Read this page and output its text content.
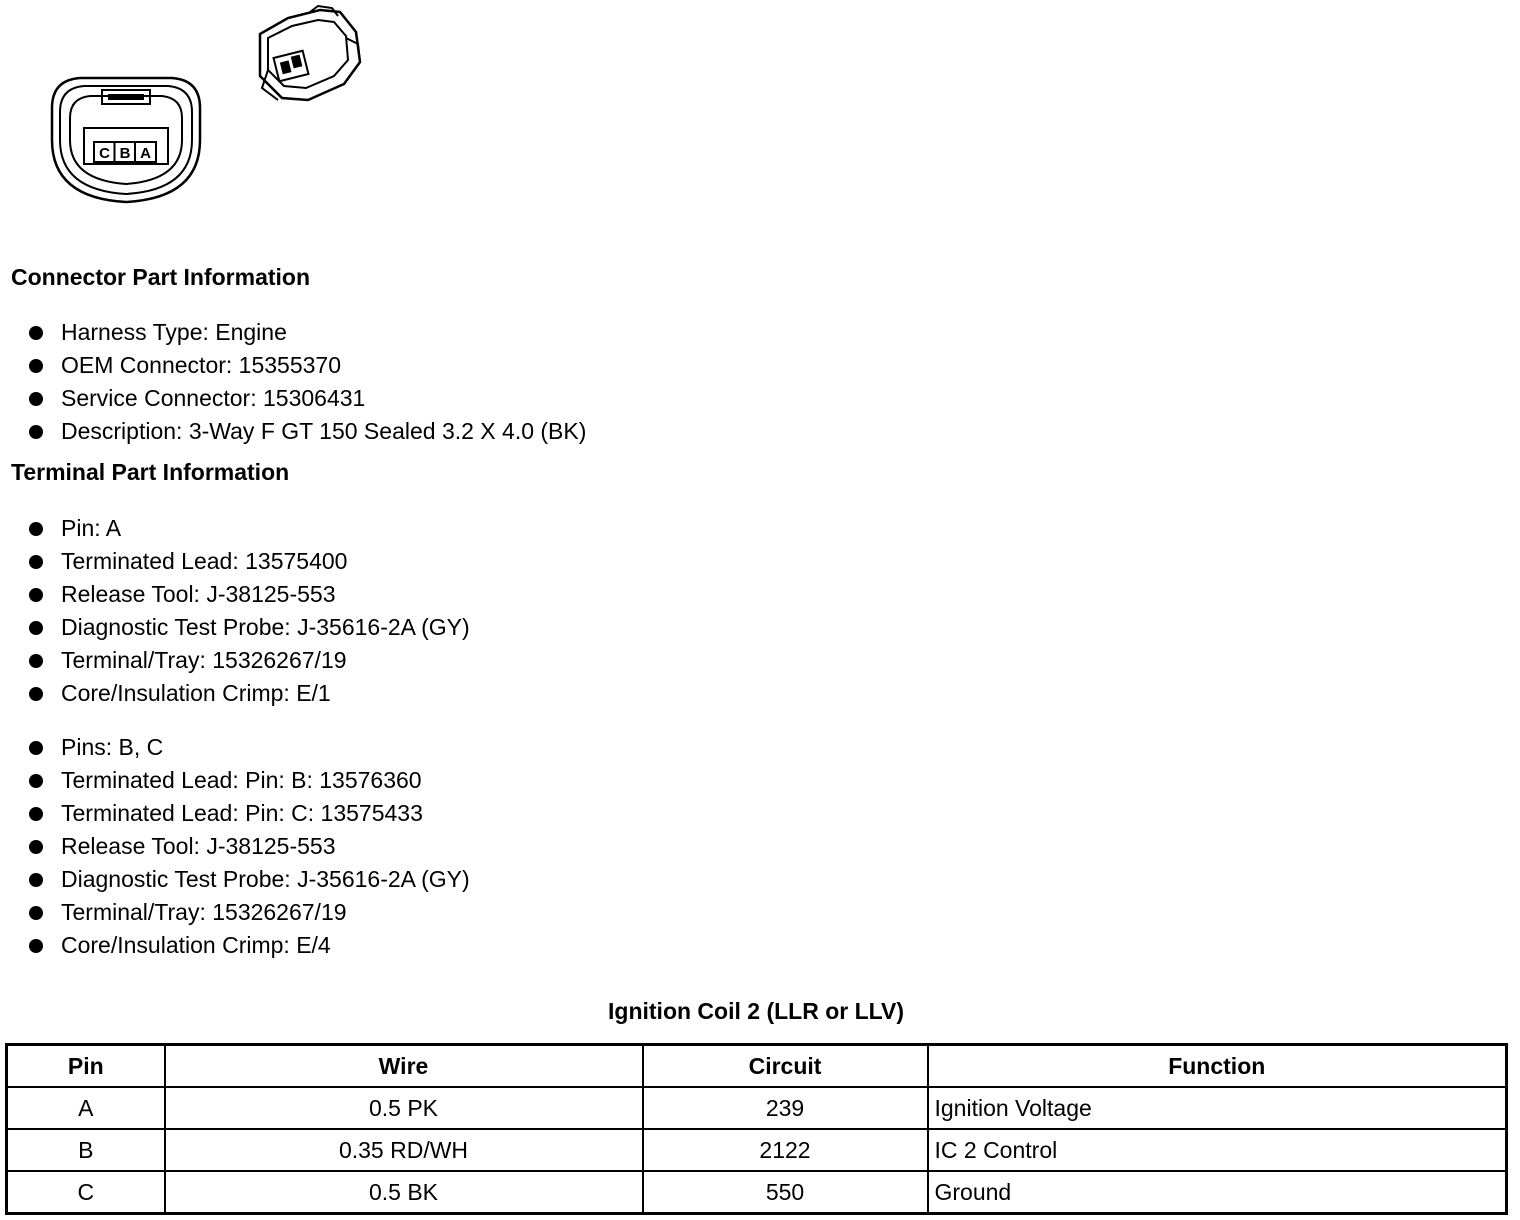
C B A
Connector Part Information
Harness Type: Engine
OEM Connector: 15355370
Service Connector: 15306431
Description: 3-Way F GT 150 Sealed 3.2 X 4.0 (BK)
Terminal Part Information
Pin: A
Terminated Lead: 13575400
Release Tool: J-38125-553
Diagnostic Test Probe: J-35616-2A (GY)
Terminal/Tray: 15326267/19
Core/Insulation Crimp: E/1
Pins: B, C
Terminated Lead: Pin: B: 13576360
Terminated Lead: Pin: C: 13575433
Release Tool: J-38125-553
Diagnostic Test Probe: J-35616-2A (GY)
Terminal/Tray: 15326267/19
Core/Insulation Crimp: E/4
Ignition Coil 2 (LLR or LLV)
Pin	Wire	Circuit	Function
A	0.5 PK	239	Ignition Voltage
B	0.35 RD/WH	2122	IC 2 Control
C	0.5 BK	550	Ground
